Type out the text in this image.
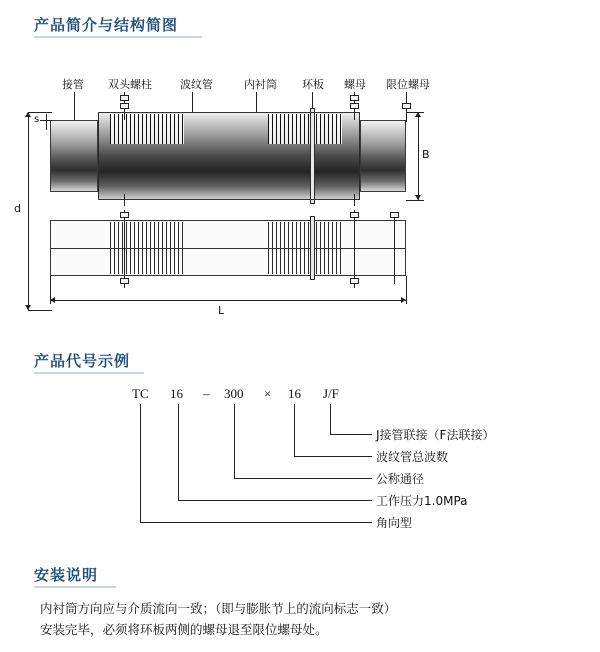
产品简介与结构简图
接管 双头螺柱	波纹管	内衬筒 环板 螺母 限位螺母
s
d
B
L
产品代号示例
TC 16 – 300 × 16 J/F
J接管联接（F法联接）
波纹管总波数
公称通径
工作压力1.0MPa
角向型
安装说明
内衬筒方向应与介质流向一致；（即与膨胀节上的流向标志一致）
安装完毕，必须将环板两侧的螺母退至限位螺母处。
